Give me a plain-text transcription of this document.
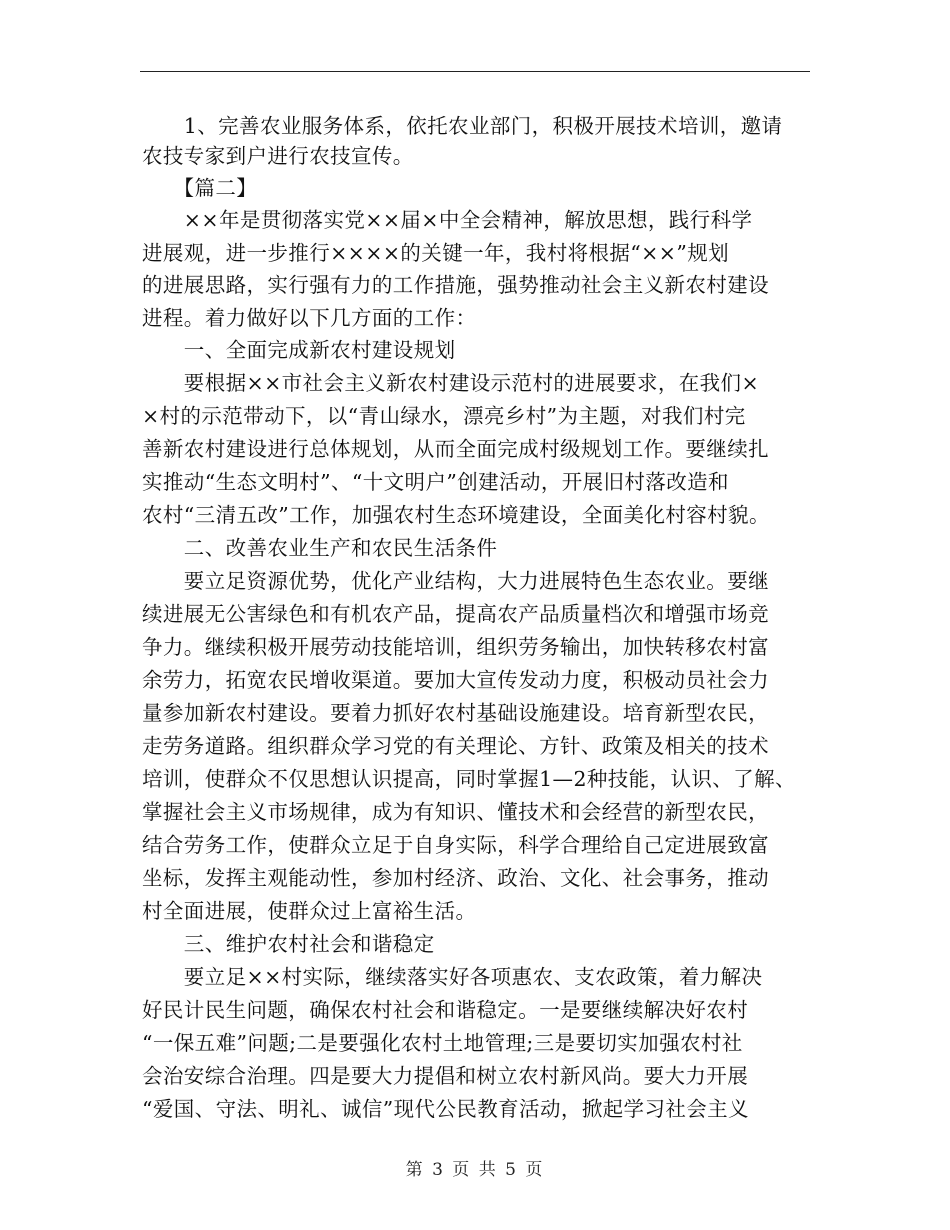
　　1、完善农业服务体系，依托农业部门，积极开展技术培训，邀请
农技专家到户进行农技宣传。
　　【篇二】
　　××年是贯彻落实党××届×中全会精神，解放思想，践行科学
进展观，进一步推行××××的关键一年，我村将根据“××”规划
的进展思路，实行强有力的工作措施，强势推动社会主义新农村建设
进程。着力做好以下几方面的工作：
　　一、全面完成新农村建设规划
　　要根据××市社会主义新农村建设示范村的进展要求，在我们×
×村的示范带动下，以“青山绿水，漂亮乡村”为主题，对我们村完
善新农村建设进行总体规划，从而全面完成村级规划工作。要继续扎
实推动“生态文明村”、“十文明户”创建活动，开展旧村落改造和
农村“三清五改”工作，加强农村生态环境建设，全面美化村容村貌。
　　二、改善农业生产和农民生活条件
　　要立足资源优势，优化产业结构，大力进展特色生态农业。要继
续进展无公害绿色和有机农产品，提高农产品质量档次和增强市场竞
争力。继续积极开展劳动技能培训，组织劳务输出，加快转移农村富
余劳力，拓宽农民增收渠道。要加大宣传发动力度，积极动员社会力
量参加新农村建设。要着力抓好农村基础设施建设。培育新型农民，
走劳务道路。组织群众学习党的有关理论、方针、政策及相关的技术
培训，使群众不仅思想认识提高，同时掌握1—2种技能，认识、了解、
掌握社会主义市场规律，成为有知识、懂技术和会经营的新型农民，
结合劳务工作，使群众立足于自身实际，科学合理给自己定进展致富
坐标，发挥主观能动性，参加村经济、政治、文化、社会事务，推动
村全面进展，使群众过上富裕生活。
　　三、维护农村社会和谐稳定
　　要立足××村实际，继续落实好各项惠农、支农政策，着力解决
好民计民生问题，确保农村社会和谐稳定。一是要继续解决好农村
“一保五难”问题;二是要强化农村土地管理;三是要切实加强农村社
会治安综合治理。四是要大力提倡和树立农村新风尚。要大力开展
“爱国、守法、明礼、诚信”现代公民教育活动，掀起学习社会主义
第 3 页 共 5 页
